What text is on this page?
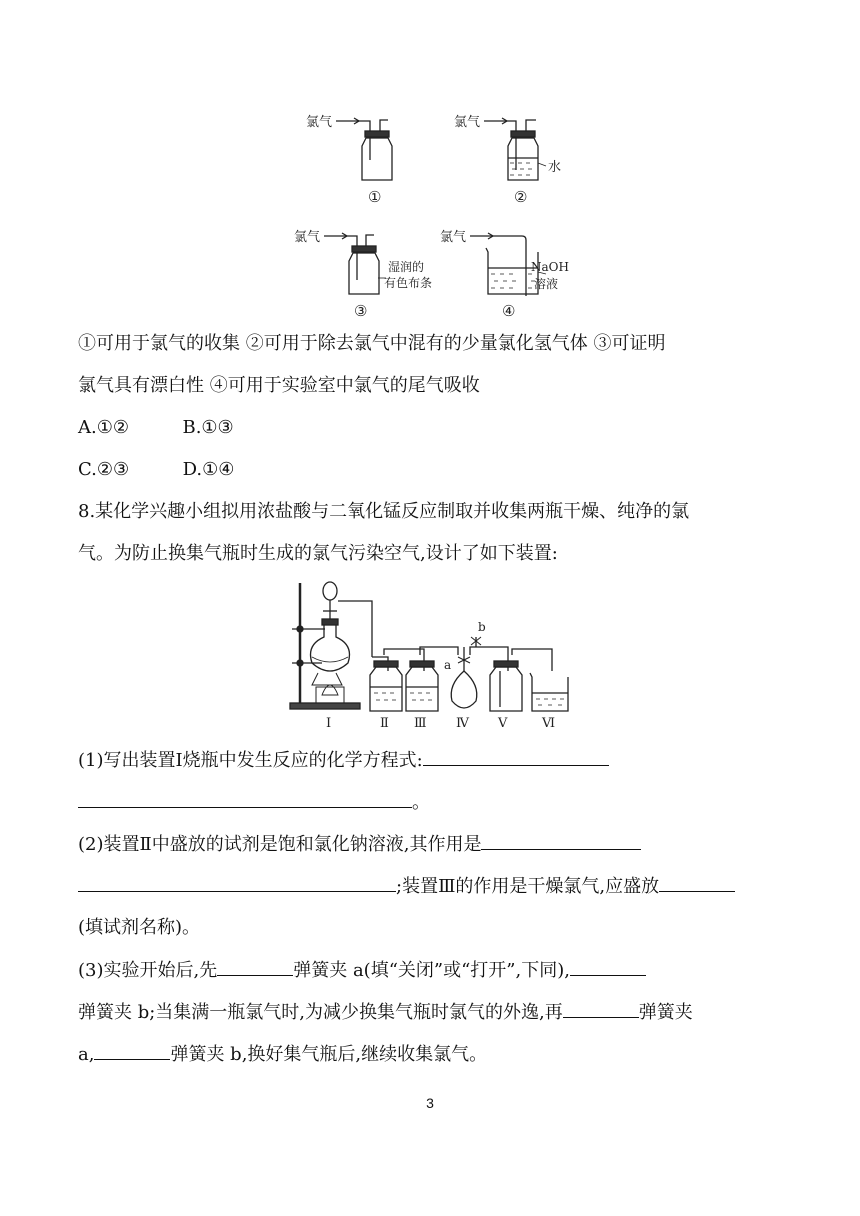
氯气	氯气
水
氯气	氯气
湿润的
有色布条
NaOH
溶液
①	②
③	④
①可用于氯气的收集 ②可用于除去氯气中混有的少量氯化氢气体 ③可证明
氯气具有漂白性 ④可用于实验室中氯气的尾气吸收
A.①②	B.①③
C.②③	D.①④
8.某化学兴趣小组拟用浓盐酸与二氧化锰反应制取并收集两瓶干燥、纯净的氯
气。为防止换集气瓶时生成的氯气污染空气,设计了如下装置:
b
a
Ⅰ	Ⅱ Ⅲ Ⅳ Ⅴ	Ⅵ
(1)写出装置Ⅰ烧瓶中发生反应的化学方程式:
。
(2)装置Ⅱ中盛放的试剂是饱和氯化钠溶液,其作用是
;装置Ⅲ的作用是干燥氯气,应盛放
(填试剂名称)。
(3)实验开始后,先	弹簧夹 a(填“关闭”或“打开”,下同),
弹簧夹 b;当集满一瓶氯气时,为减少换集气瓶时氯气的外逸,再	弹簧夹
a,	弹簧夹 b,换好集气瓶后,继续收集氯气。
3
